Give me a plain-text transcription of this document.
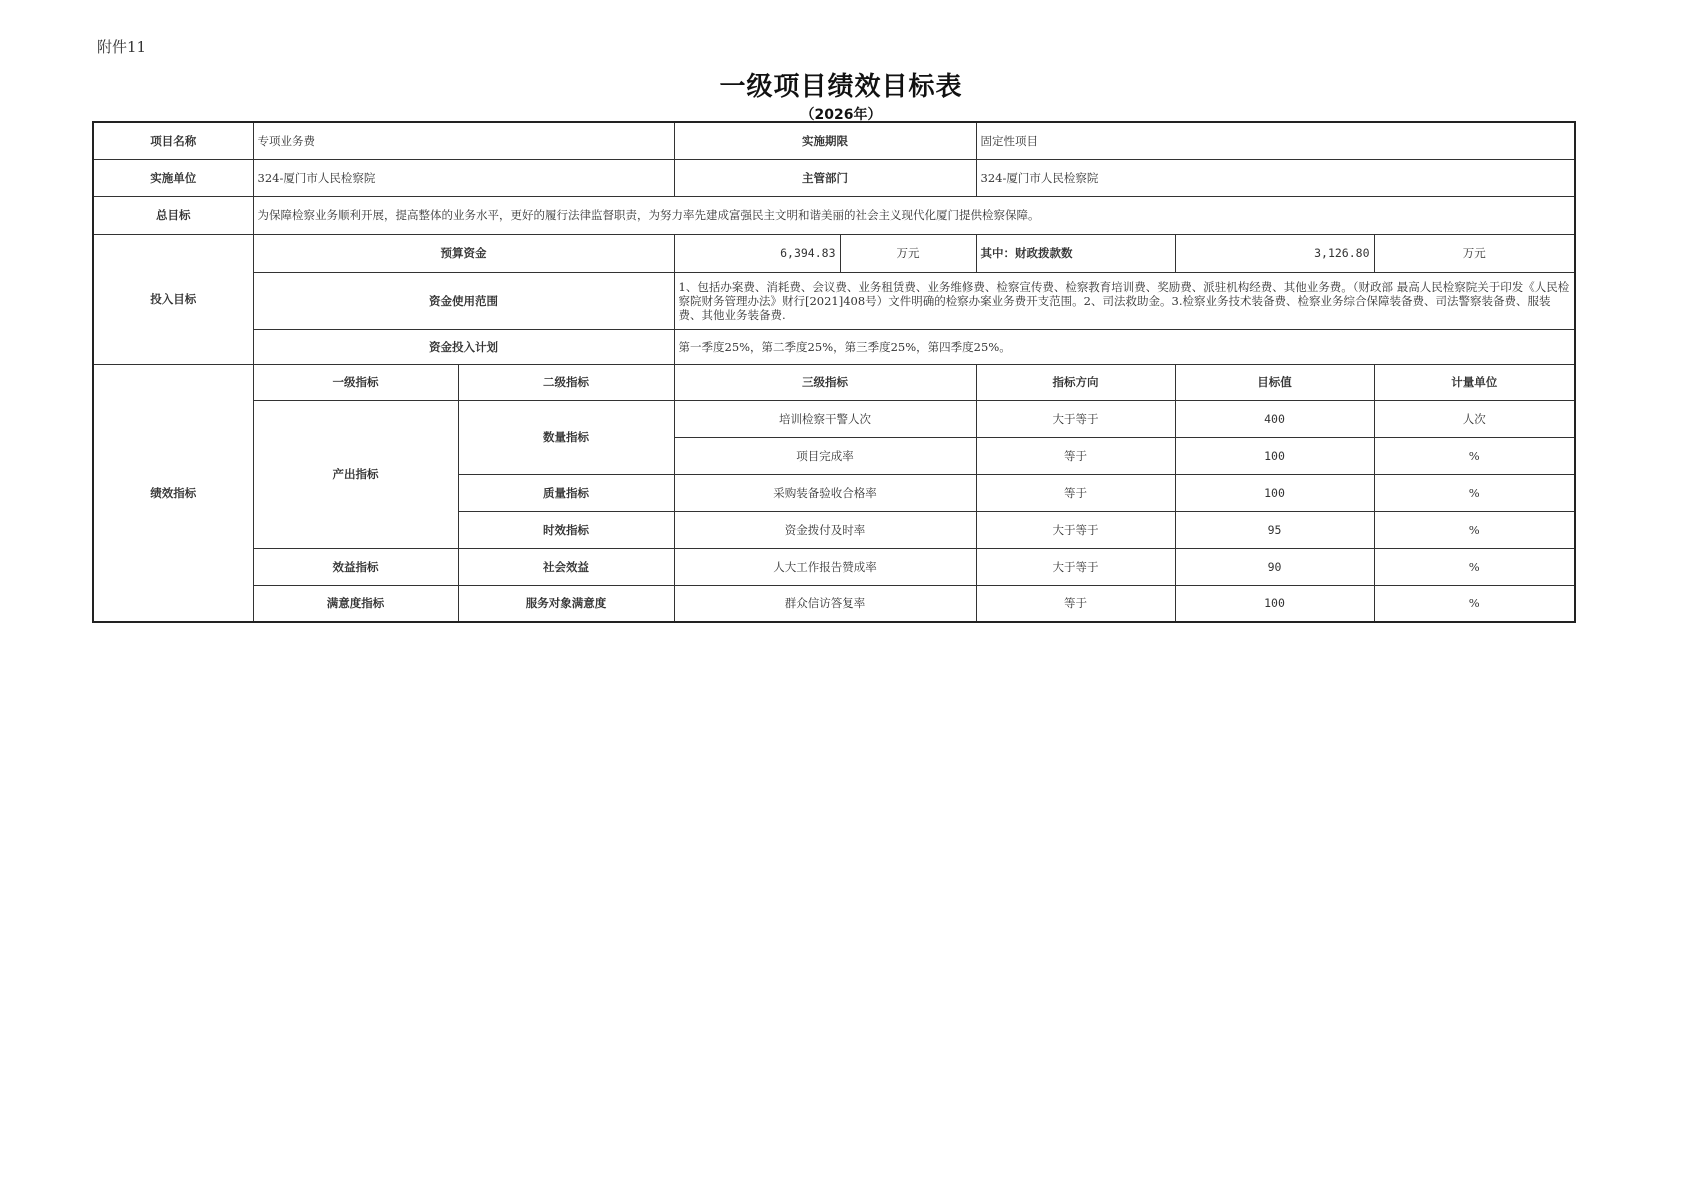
附件11
一级项目绩效目标表
（2026年）
项目名称	专项业务费		实施期限		固定性项目		
实施单位	324-厦门市人民检察院		主管部门		324-厦门市人民检察院		
总目标	为保障检察业务顺利开展，提高整体的业务水平，更好的履行法律监督职责，为努力率先建成富强民主文明和谐美丽的社会主义现代化厦门提供检察保障。						
投入目标	预算资金		6,394.83	万元	其中：财政拨款数	3,126.80	万元
	资金使用范围		1、包括办案费、消耗费、会议费、业务租赁费、业务维修费、检察宣传费、检察教育培训费、奖励费、派驻机构经费、其他业务费。（财政部 最高人民检察院关于印发《人民检察院财务管理办法》财行[2021]408号）文件明确的检察办案业务费开支范围。2、司法救助金。3.检察业务技术装备费、检察业务综合保障装备费、司法警察装备费、服装费、其他业务装备费.				
	资金投入计划		第一季度25%，第二季度25%，第三季度25%，第四季度25%。				
绩效指标	一级指标	二级指标	三级指标		指标方向	目标值	计量单位
	产出指标	数量指标	培训检察干警人次		大于等于	400	人次
			项目完成率		等于	100	%
		质量指标	采购装备验收合格率		等于	100	%
		时效指标	资金拨付及时率		大于等于	95	%
	效益指标	社会效益	人大工作报告赞成率		大于等于	90	%
	满意度指标	服务对象满意度	群众信访答复率		等于	100	%
